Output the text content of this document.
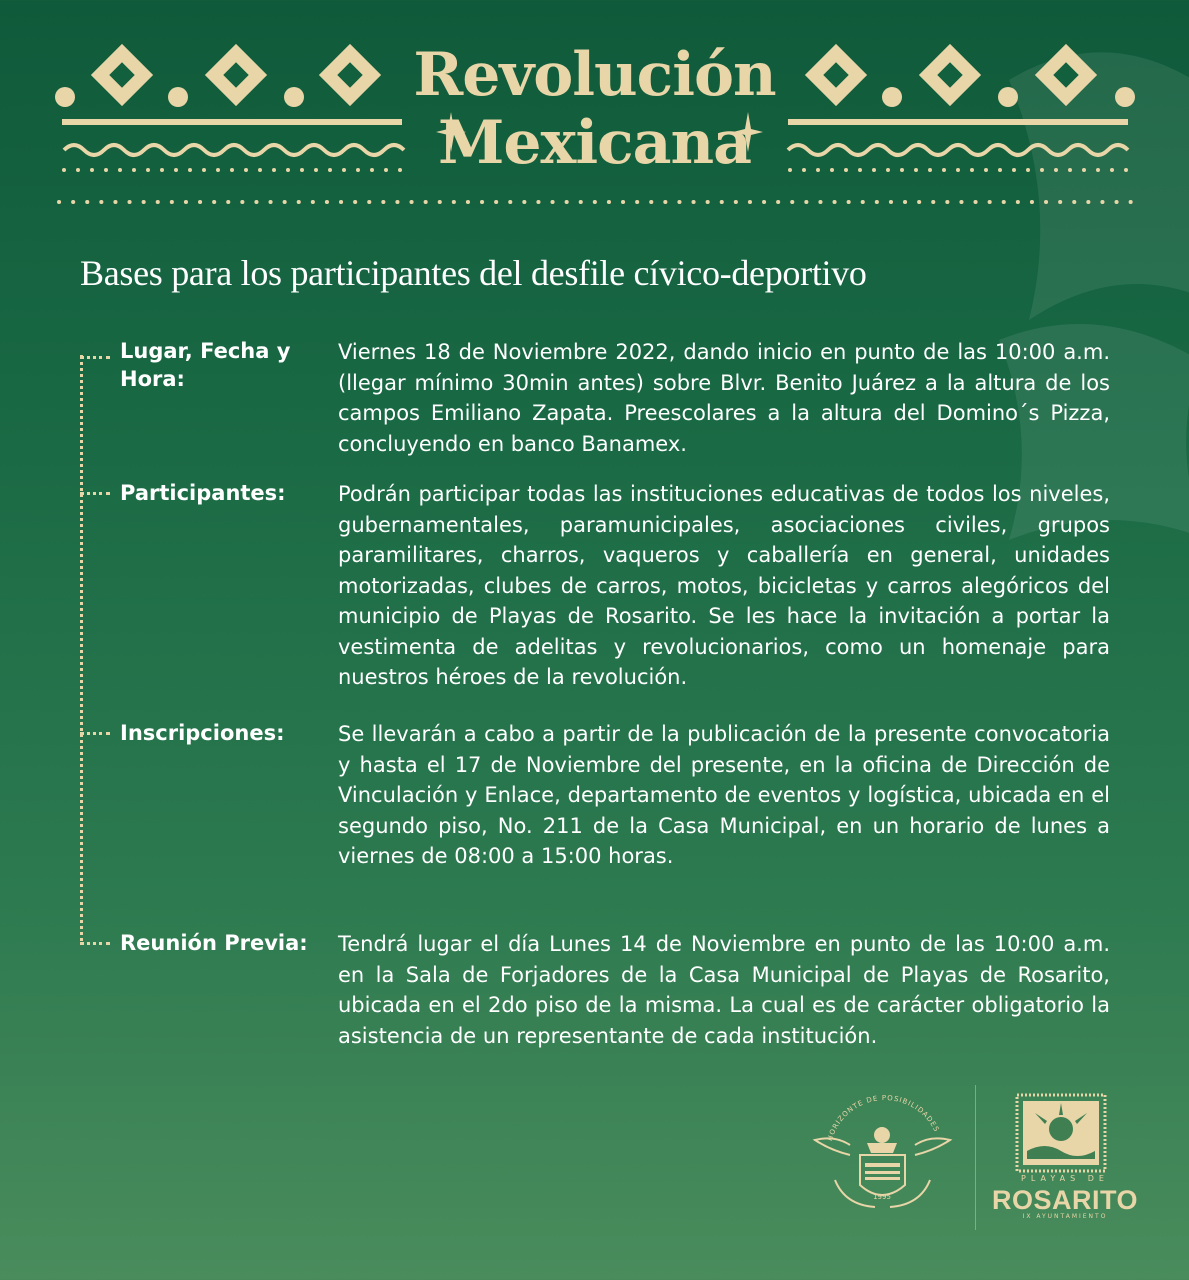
Revolución
Mexicana
Bases para los participantes del desfile cívico-deportivo
Lugar, Fecha y Hora:
Viernes 18 de Noviembre 2022, dando inicio en punto de las 10:00 a.m. (llegar mínimo 30min antes) sobre Blvr. Benito Juárez a la altura de los campos Emiliano Zapata. Preescolares a la altura del Domino´s Pizza, concluyendo en banco Banamex.
Participantes:	Podrán participar todas las instituciones educativas de todos los niveles, gubernamentales, paramunicipales, asociaciones civiles, grupos paramilitares, charros, vaqueros y caballería en general, unidades motorizadas, clubes de carros, motos, bicicletas y carros alegóricos del municipio de Playas de Rosarito. Se les hace la invitación a portar la vestimenta de adelitas y revolucionarios, como un homenaje para nuestros héroes de la revolución.
Inscripciones:	Se llevarán a cabo a partir de la publicación de la presente convocatoria y hasta el 17 de Noviembre del presente, en la oficina de Dirección de Vinculación y Enlace, departamento de eventos y logística, ubicada en el segundo piso, No. 211 de la Casa Municipal, en un horario de lunes a viernes de 08:00 a 15:00 horas.
Reunión Previa:	Tendrá lugar el día Lunes 14 de Noviembre en punto de las 10:00 a.m. en la Sala de Forjadores de la Casa Municipal de Playas de Rosarito, ubicada en el 2do piso de la misma. La cual es de carácter obligatorio la asistencia de un representante de cada institución.
HORIZONTE DE POSIBILIDADES
1995
PLAYAS DE
ROSARITO
IX AYUNTAMIENTO
